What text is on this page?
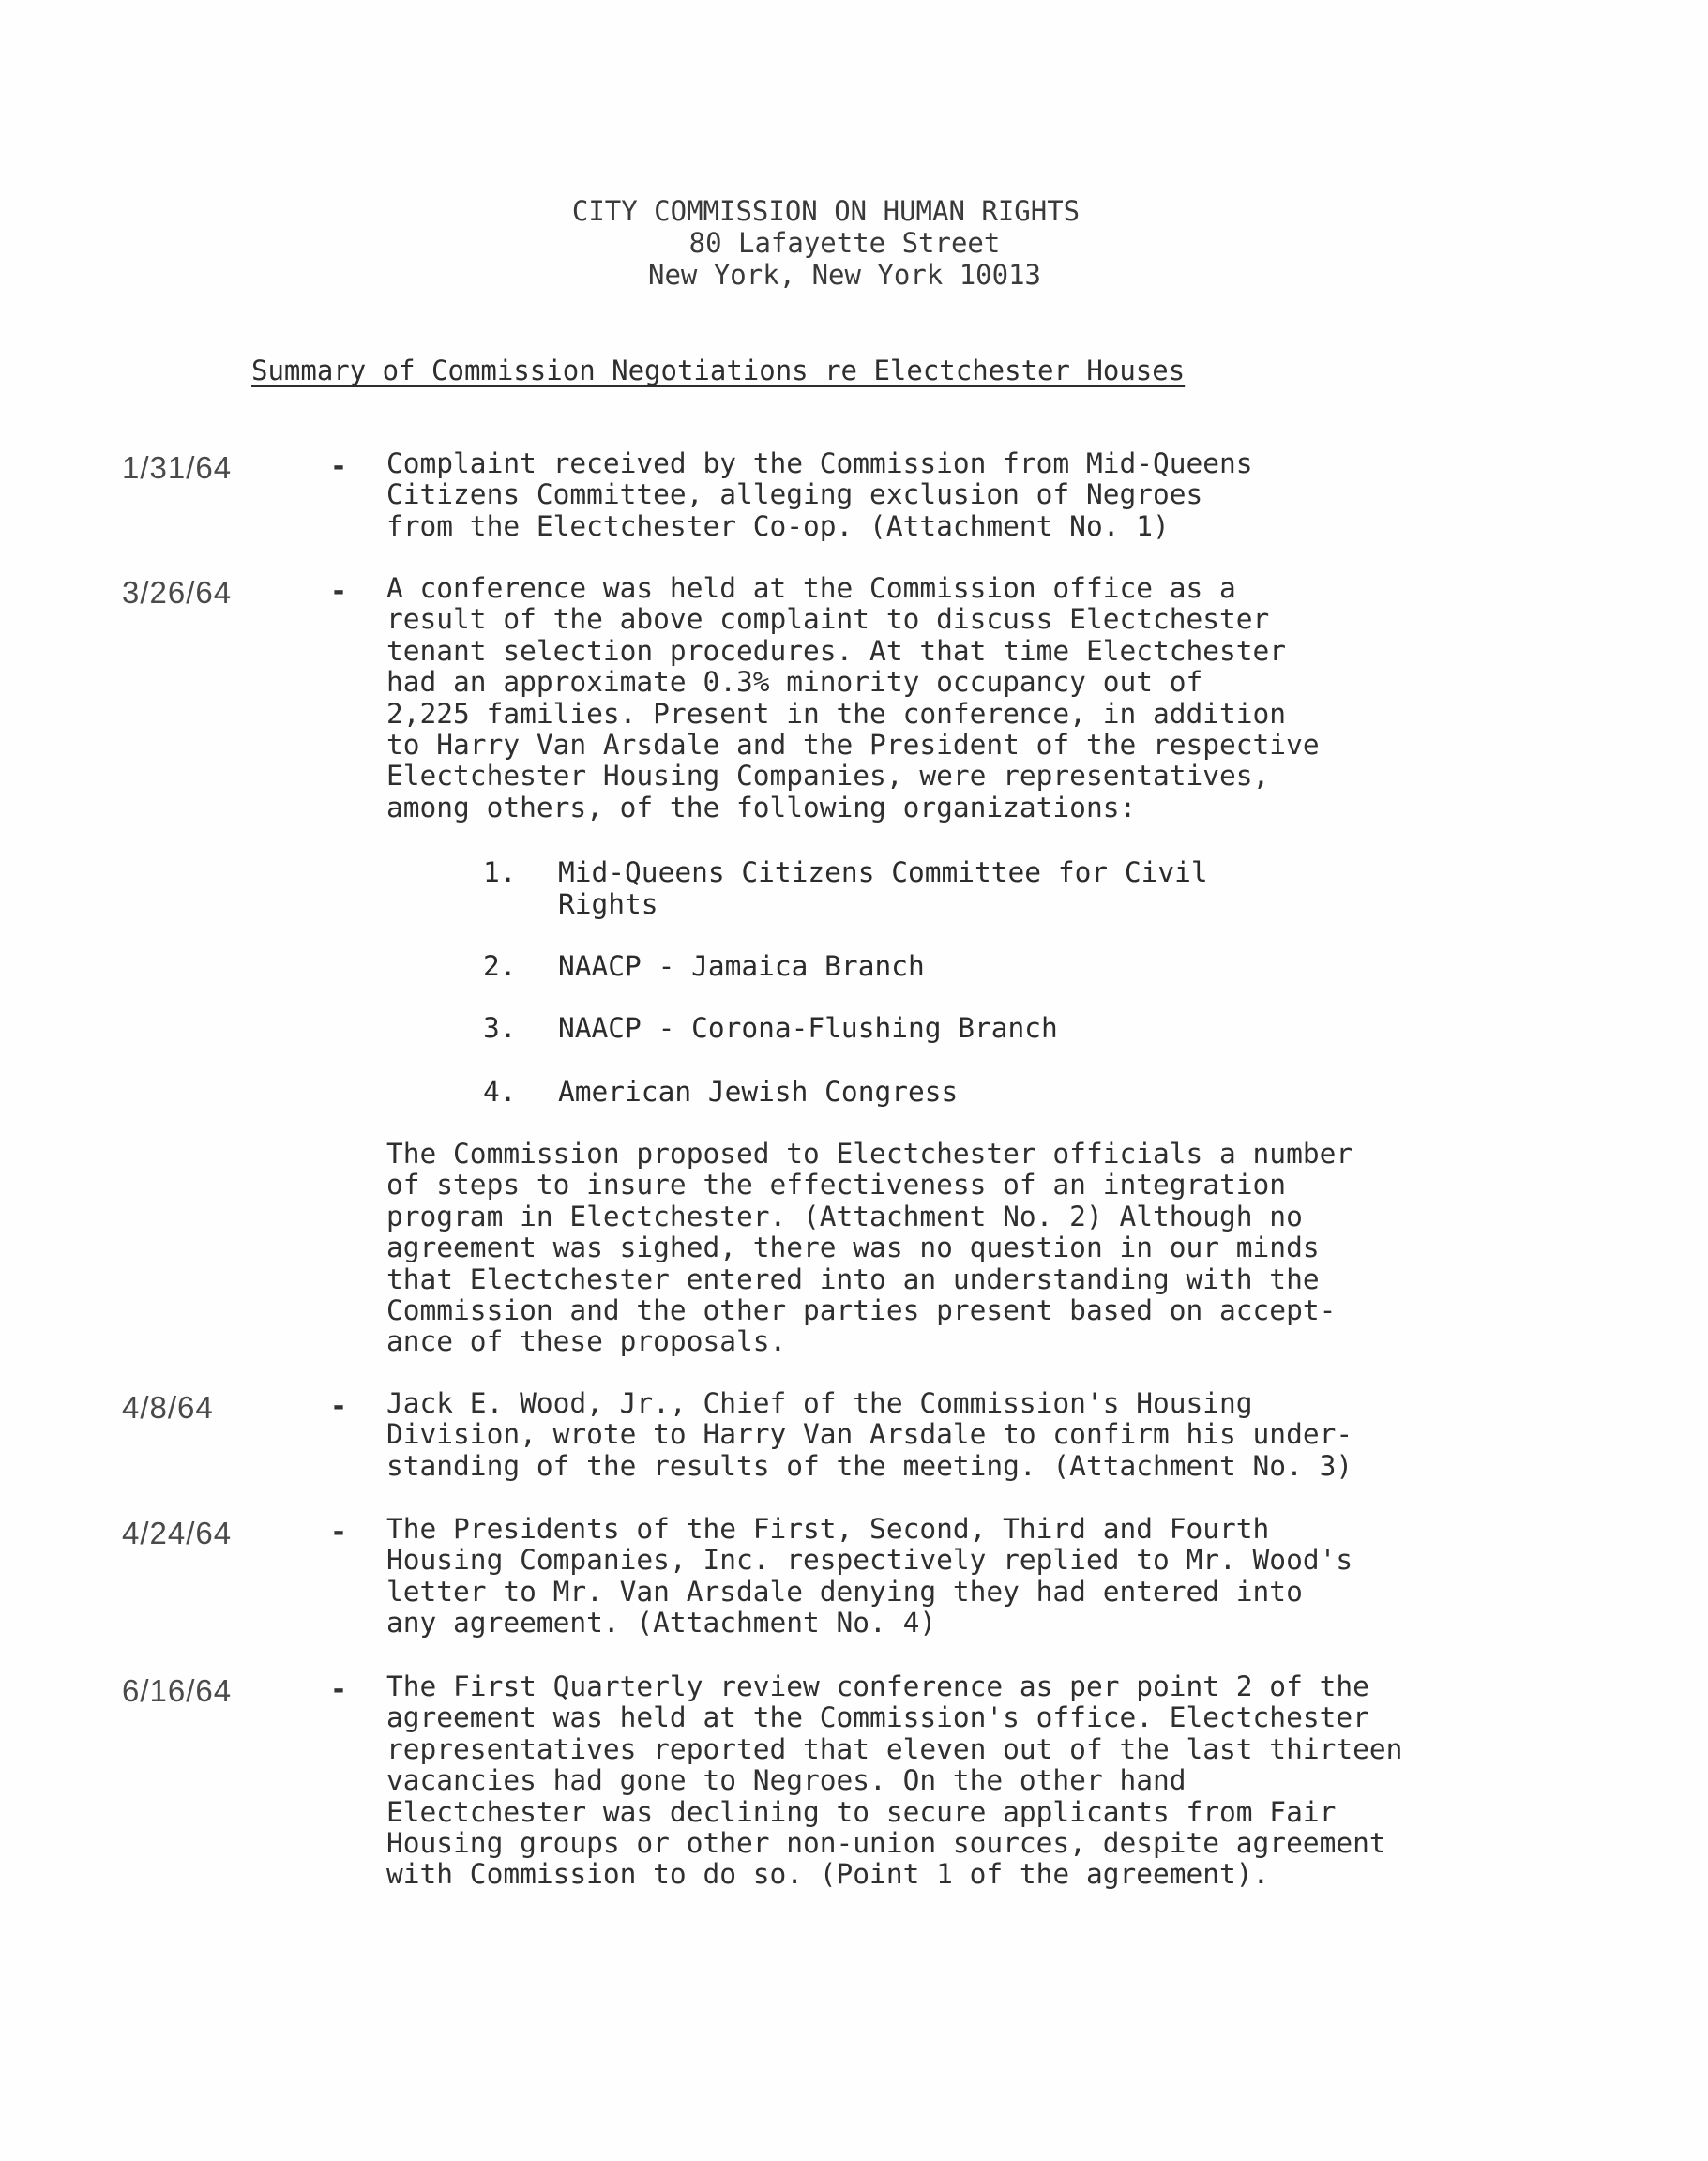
CITY COMMISSION ON HUMAN RIGHTS
80 Lafayette Street
New York, New York 10013
Summary of Commission Negotiations re Electchester Houses
1/31/64	- Complaint received by the Commission from Mid-Queens
Citizens Committee, alleging exclusion of Negroes
from the Electchester Co-op. (Attachment No. 1)
3/26/64	- A conference was held at the Commission office as a
result of the above complaint to discuss Electchester
tenant selection procedures. At that time Electchester
had an approximate 0.3% minority occupancy out of
2,225 families. Present in the conference, in addition
to Harry Van Arsdale and the President of the respective
Electchester Housing Companies, were representatives,
among others, of the following organizations:
1.	Mid-Queens Citizens Committee for Civil
Rights
2.	NAACP - Jamaica Branch
3.	NAACP - Corona-Flushing Branch
4.	American Jewish Congress
The Commission proposed to Electchester officials a number
of steps to insure the effectiveness of an integration
program in Electchester. (Attachment No. 2) Although no
agreement was sighed, there was no question in our minds
that Electchester entered into an understanding with the
Commission and the other parties present based on accept-
ance of these proposals.
4/8/64	- Jack E. Wood, Jr., Chief of the Commission's Housing
Division, wrote to Harry Van Arsdale to confirm his under-
standing of the results of the meeting. (Attachment No. 3)
4/24/64	- The Presidents of the First, Second, Third and Fourth
Housing Companies, Inc. respectively replied to Mr. Wood's
letter to Mr. Van Arsdale denying they had entered into
any agreement. (Attachment No. 4)
6/16/64	- The First Quarterly review conference as per point 2 of the
agreement was held at the Commission's office. Electchester
representatives reported that eleven out of the last thirteen
vacancies had gone to Negroes. On the other hand
Electchester was declining to secure applicants from Fair
Housing groups or other non-union sources, despite agreement
with Commission to do so. (Point 1 of the agreement).
